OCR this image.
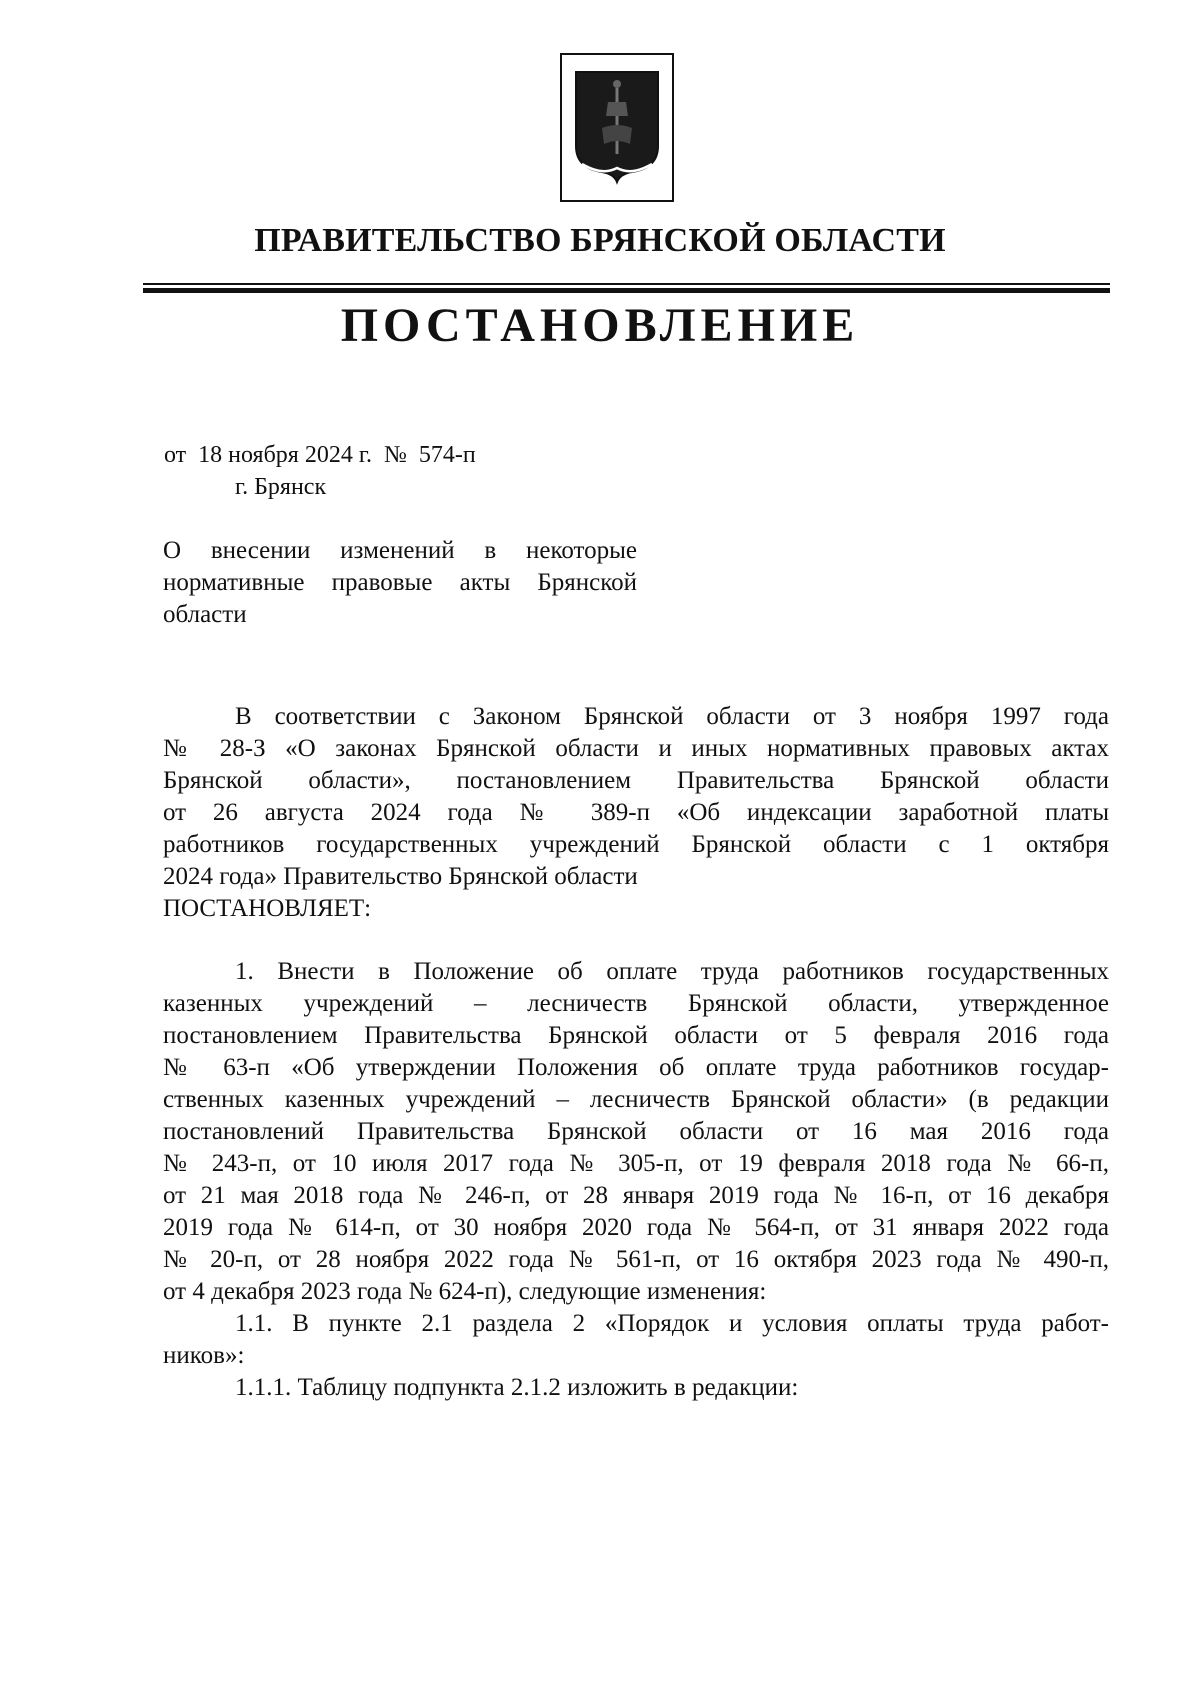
ПРАВИТЕЛЬСТВО БРЯНСКОЙ ОБЛАСТИ
ПОСТАНОВЛЕНИЕ
от  18 ноября 2024 г.  №  574-п
г. Брянск
О внесении изменений в некоторые
нормативные правовые акты Брянской
области
В соответствии с Законом Брянской области от 3 ноября 1997 года
№ 28-З «О законах Брянской области и иных нормативных правовых актах
Брянской области», постановлением Правительства Брянской области
от 26 августа 2024 года № 389-п «Об индексации заработной платы
работников государственных учреждений Брянской области с 1 октября
2024 года» Правительство Брянской области
ПОСТАНОВЛЯЕТ:
1. Внести в Положение об оплате труда работников государственных
казенных учреждений – лесничеств Брянской области, утвержденное
постановлением Правительства Брянской области от 5 февраля 2016 года
№ 63-п «Об утверждении Положения об оплате труда работников государ-
ственных казенных учреждений – лесничеств Брянской области» (в редакции
постановлений Правительства Брянской области от 16 мая 2016 года
№ 243-п, от 10 июля 2017 года № 305-п, от 19 февраля 2018 года № 66-п,
от 21 мая 2018 года № 246-п, от 28 января 2019 года № 16-п, от 16 декабря
2019 года № 614-п, от 30 ноября 2020 года № 564-п, от 31 января 2022 года
№ 20-п, от 28 ноября 2022 года № 561-п, от 16 октября 2023 года № 490-п,
от 4 декабря 2023 года № 624-п), следующие изменения:
1.1. В пункте 2.1 раздела 2 «Порядок и условия оплаты труда работ-
ников»:
1.1.1. Таблицу подпункта 2.1.2 изложить в редакции:
